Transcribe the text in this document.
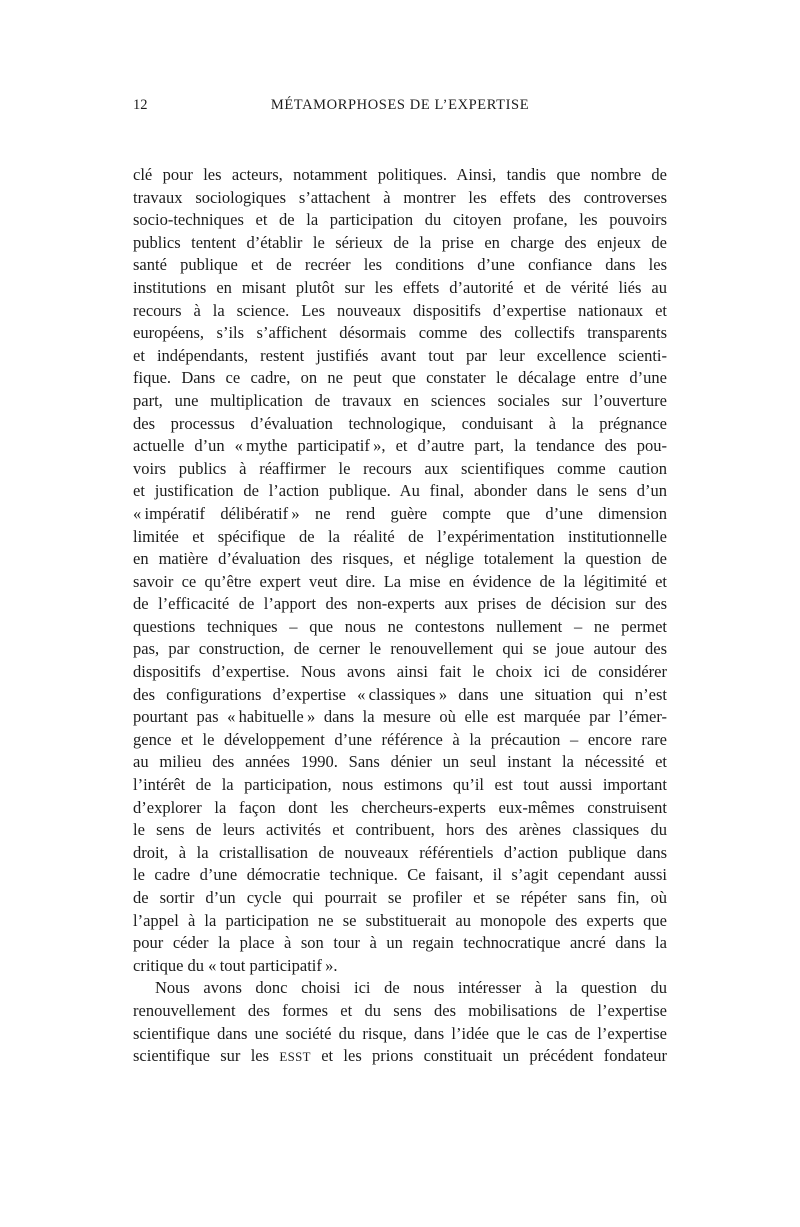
12	MÉTAMORPHOSES DE L’EXPERTISE
clé pour les acteurs, notamment politiques. Ainsi, tandis que nombre de
travaux sociologiques s’attachent à montrer les effets des controverses
socio-techniques et de la participation du citoyen profane, les pouvoirs
publics tentent d’établir le sérieux de la prise en charge des enjeux de
santé publique et de recréer les conditions d’une confiance dans les
institutions en misant plutôt sur les effets d’autorité et de vérité liés au
recours à la science. Les nouveaux dispositifs d’expertise nationaux et
européens, s’ils s’affichent désormais comme des collectifs transparents
et indépendants, restent justifiés avant tout par leur excellence scienti-
fique. Dans ce cadre, on ne peut que constater le décalage entre d’une
part, une multiplication de travaux en sciences sociales sur l’ouverture
des processus d’évaluation technologique, conduisant à la prégnance
actuelle d’un « mythe participatif », et d’autre part, la tendance des pou-
voirs publics à réaffirmer le recours aux scientifiques comme caution
et justification de l’action publique. Au final, abonder dans le sens d’un
« impératif délibératif » ne rend guère compte que d’une dimension
limitée et spécifique de la réalité de l’expérimentation institutionnelle
en matière d’évaluation des risques, et néglige totalement la question de
savoir ce qu’être expert veut dire. La mise en évidence de la légitimité et
de l’efficacité de l’apport des non-experts aux prises de décision sur des
questions techniques – que nous ne contestons nullement – ne permet
pas, par construction, de cerner le renouvellement qui se joue autour des
dispositifs d’expertise. Nous avons ainsi fait le choix ici de considérer
des configurations d’expertise « classiques » dans une situation qui n’est
pourtant pas « habituelle » dans la mesure où elle est marquée par l’émer-
gence et le développement d’une référence à la précaution – encore rare
au milieu des années 1990. Sans dénier un seul instant la nécessité et
l’intérêt de la participation, nous estimons qu’il est tout aussi important
d’explorer la façon dont les chercheurs-experts eux-mêmes construisent
le sens de leurs activités et contribuent, hors des arènes classiques du
droit, à la cristallisation de nouveaux référentiels d’action publique dans
le cadre d’une démocratie technique. Ce faisant, il s’agit cependant aussi
de sortir d’un cycle qui pourrait se profiler et se répéter sans fin, où
l’appel à la participation ne se substituerait au monopole des experts que
pour céder la place à son tour à un regain technocratique ancré dans la
critique du « tout participatif ».
Nous avons donc choisi ici de nous intéresser à la question du
renouvellement des formes et du sens des mobilisations de l’expertise
scientifique dans une société du risque, dans l’idée que le cas de l’expertise
scientifique sur les ESST et les prions constituait un précédent fondateur
